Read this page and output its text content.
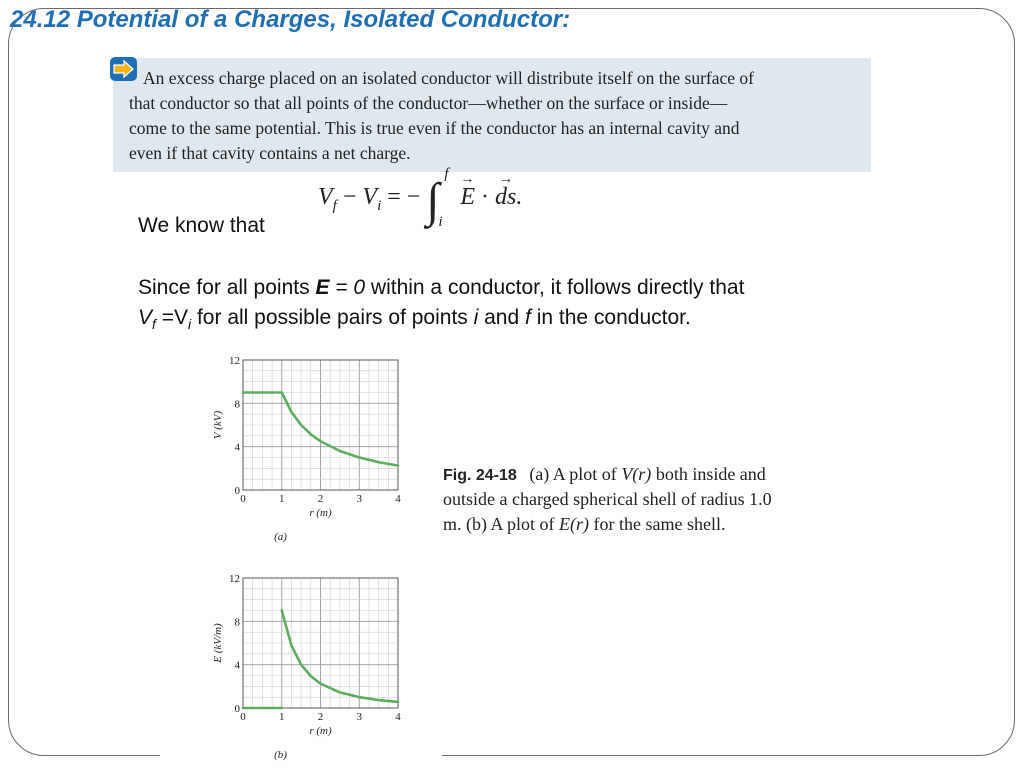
24.12 Potential of a Charges, Isolated Conductor:

An excess charge placed on an isolated conductor will distribute itself on the surface of

that conductor so that all points of the conductor—whether on the surface or inside—

come to the same potential. This is true even if the conductor has an internal cavity and

even if that cavity contains a net charge.

We know that

$V_f - V_i$ = − ∫ f
i

→
E ·
→
ds.

Since for all points E = 0 within a conductor, it follows directly that

$V_f =V_i$ for all possible pairs of points i and f in the conductor.

0	1	2	3	4
0
4
8
12
r (m)
V (kV)
(a)
0	1	2	3	4
0
4
8
12
r (m)
E (kV/m)
(b)
Fig. 24-18 (a) A plot of V(r) both inside and outside a charged spherical shell of radius 1.0 m. (b) A plot of E(r) for the same shell.
